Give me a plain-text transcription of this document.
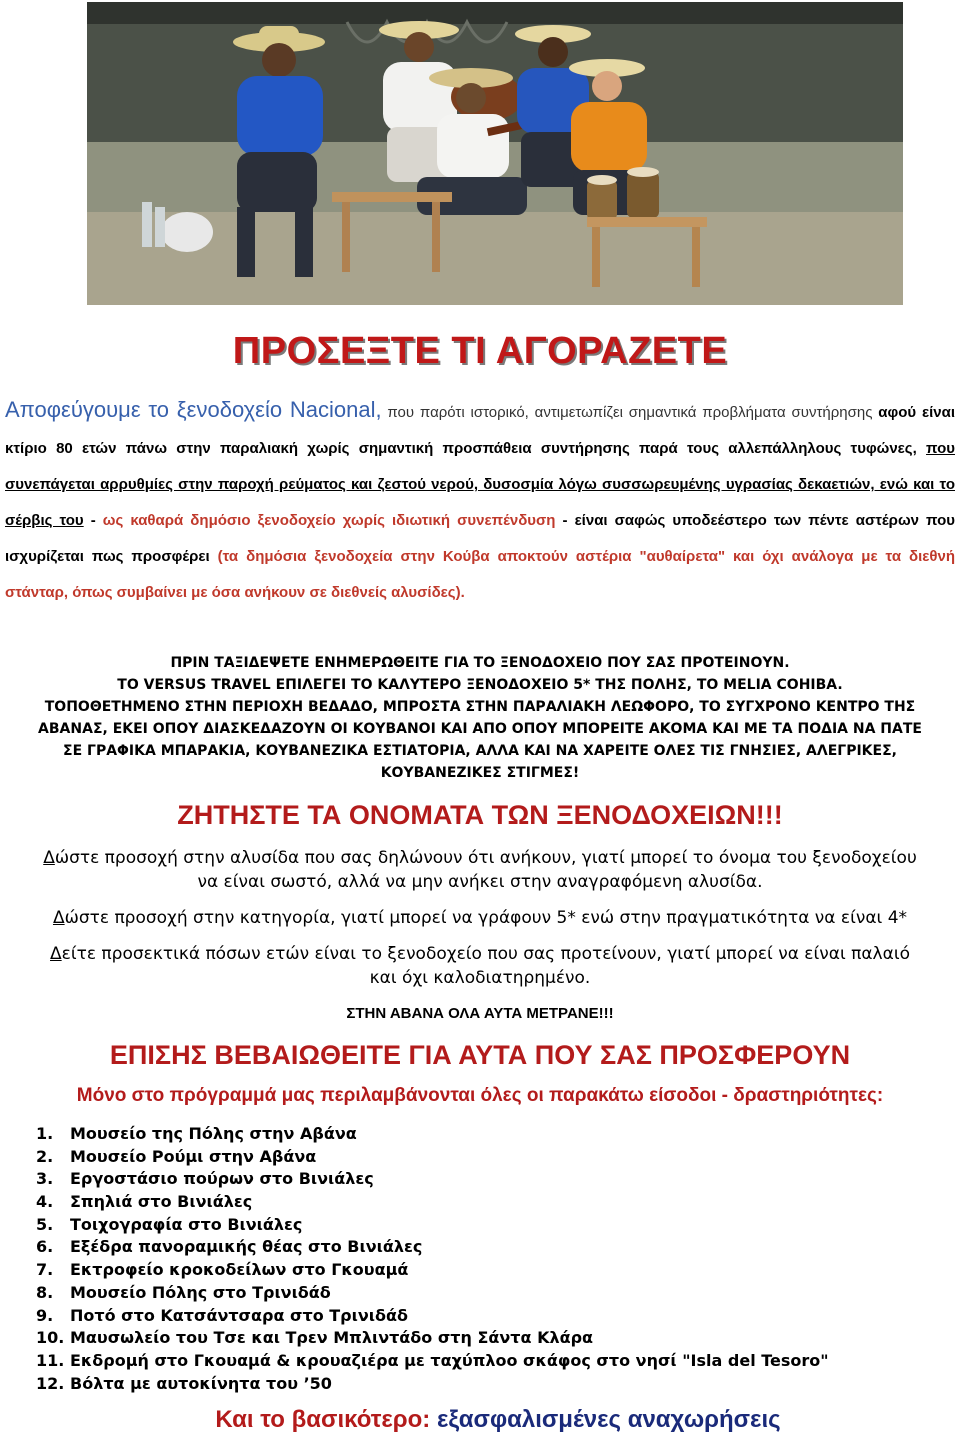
ΠΡΟΣΕΞΤΕ ΤΙ ΑΓΟΡΑΖΕΤΕ
Αποφεύγουμε το ξενοδοχείο Nacional, που παρότι ιστορικό, αντιμετωπίζει σημαντικά προβλήματα συντήρησης αφού είναι κτίριο 80 ετών πάνω στην παραλιακή χωρίς σημαντική προσπάθεια συντήρησης παρά τους αλλεπάλληλους τυφώνες, που συνεπάγεται αρρυθμίες στην παροχή ρεύματος και ζεστού νερού, δυσοσμία λόγω συσσωρευμένης υγρασίας δεκαετιών, ενώ και το σέρβις του - ως καθαρά δημόσιο ξενοδοχείο χωρίς ιδιωτική συνεπένδυση - είναι σαφώς υποδεέστερο των πέντε αστέρων που ισχυρίζεται πως προσφέρει (τα δημόσια ξενοδοχεία στην Κούβα αποκτούν αστέρια "αυθαίρετα" και όχι ανάλογα με τα διεθνή στάνταρ, όπως συμβαίνει με όσα ανήκουν σε διεθνείς αλυσίδες).

ΠΡΙΝ ΤΑΞΙΔΕΨΕΤΕ ΕΝΗΜΕΡΩΘΕΙΤΕ ΓΙΑ ΤΟ ΞΕΝΟΔΟΧΕΙΟ ΠΟΥ ΣΑΣ ΠΡΟΤΕΙΝΟΥΝ.

ΤΟ VERSUS TRAVEL ΕΠΙΛΕΓΕΙ ΤΟ ΚΑΛΥΤΕΡΟ ΞΕΝΟΔΟΧΕΙΟ 5* ΤΗΣ ΠΟΛΗΣ, ΤΟ MELIA COHIBA.

ΤΟΠΟΘΕΤΗΜΕΝΟ ΣΤΗΝ ΠΕΡΙΟΧΗ ΒΕΔΑΔΟ, ΜΠΡΟΣΤΑ ΣΤΗΝ ΠΑΡΑΛΙΑΚΗ ΛΕΩΦΟΡΟ, ΤΟ ΣΥΓΧΡΟΝΟ ΚΕΝΤΡΟ ΤΗΣ ΑΒΑΝΑΣ, ΕΚΕΙ ΟΠΟΥ ΔΙΑΣΚΕΔΑΖΟΥΝ ΟΙ ΚΟΥΒΑΝΟΙ ΚΑΙ ΑΠΟ ΟΠΟΥ ΜΠΟΡΕΙΤΕ ΑΚΟΜΑ ΚΑΙ ΜΕ ΤΑ ΠΟΔΙΑ ΝΑ ΠΑΤΕ ΣΕ ΓΡΑΦΙΚΑ ΜΠΑΡΑΚΙΑ, ΚΟΥΒΑΝΕΖΙΚΑ ΕΣΤΙΑΤΟΡΙΑ, ΑΛΛΑ ΚΑΙ ΝΑ ΧΑΡΕΙΤΕ ΟΛΕΣ ΤΙΣ ΓΝΗΣΙΕΣ, ΑΛΕΓΡΙΚΕΣ, ΚΟΥΒΑΝΕΖΙΚΕΣ ΣΤΙΓΜΕΣ!

ΖΗΤΗΣΤΕ ΤΑ ΟΝΟΜΑΤΑ ΤΩΝ ΞΕΝΟΔΟΧΕΙΩΝ!!!

Δώστε προσοχή στην αλυσίδα που σας δηλώνουν ότι ανήκουν, γιατί μπορεί το όνομα του ξενοδοχείου να είναι σωστό, αλλά να μην ανήκει στην αναγραφόμενη αλυσίδα.

Δώστε προσοχή στην κατηγορία, γιατί μπορεί να γράφουν 5* ενώ στην πραγματικότητα να είναι 4*

Δείτε προσεκτικά πόσων ετών είναι το ξενοδοχείο που σας προτείνουν, γιατί μπορεί να είναι παλαιό και όχι καλοδιατηρημένο.

ΣΤΗΝ ΑΒΑΝΑ ΟΛΑ ΑΥΤΑ ΜΕΤΡΑΝΕ!!!
ΕΠΙΣΗΣ ΒΕΒΑΙΩΘΕΙΤΕ ΓΙΑ ΑΥΤΑ ΠΟΥ ΣΑΣ ΠΡΟΣΦΕΡΟΥΝ
Μόνο στο πρόγραμμά μας περιλαμβάνονται όλες οι παρακάτω είσοδοι - δραστηριότητες:
1. Μουσείο της Πόλης στην Αβάνα
2. Μουσείο Ρούμι στην Αβάνα
3. Εργοστάσιο πούρων στο Βινιάλες
4. Σπηλιά στο Βινιάλες
5. Τοιχογραφία στο Βινιάλες
6. Εξέδρα πανοραμικής θέας στο Βινιάλες
7. Εκτροφείο κροκοδείλων στο Γκουαμά
8. Μουσείο Πόλης στο Τρινιδάδ
9. Ποτό στο Κατσάντσαρα στο Τρινιδάδ
10. Μαυσωλείο του Τσε και Τρεν Μπλιντάδο στη Σάντα Κλάρα
11. Εκδρομή στο Γκουαμά & κρουαζιέρα με ταχύπλοο σκάφος στο νησί "Isla del Tesoro"
12. Βόλτα με αυτοκίνητα του ’50
Και το βασικότερο: εξασφαλισμένες αναχωρήσεις
